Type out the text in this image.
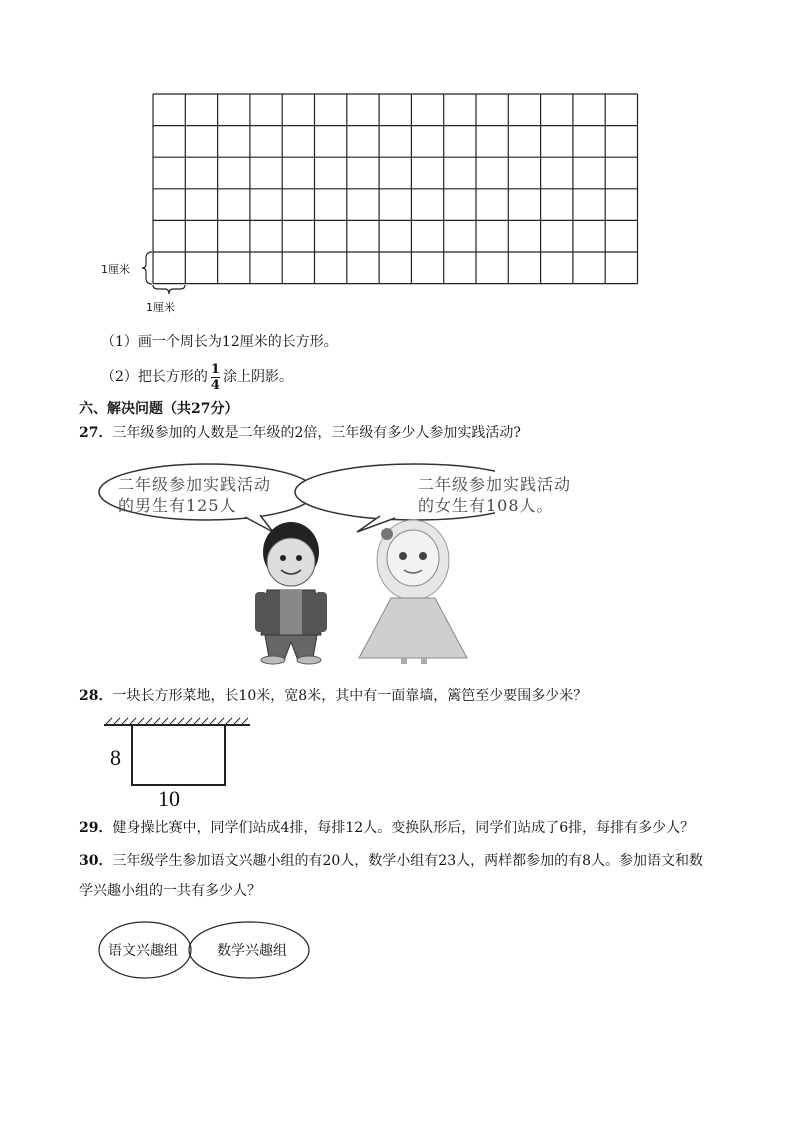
1厘米
1厘米
（1）画一个周长为12厘米的长方形。
（2）把长方形的 $\frac{1}{4}$ 涂上阴影。
六、解决问题（共27分）
27．三年级参加的人数是二年级的2倍，三年级有多少人参加实践活动?
二年级参加实践活动
的男生有125人
二年级参加实践活动
的女生有108人。
28．一块长方形菜地，长10米，宽8米，其中有一面靠墙，篱笆至少要围多少米？
8
10
29．健身操比赛中，同学们站成4排，每排12人。变换队形后，同学们站成了6排，每排有多少人？
30．三年级学生参加语文兴趣小组的有20人，数学小组有23人，两样都参加的有8人。参加语文和数
学兴趣小组的一共有多少人？
语文兴趣组	数学兴趣组
